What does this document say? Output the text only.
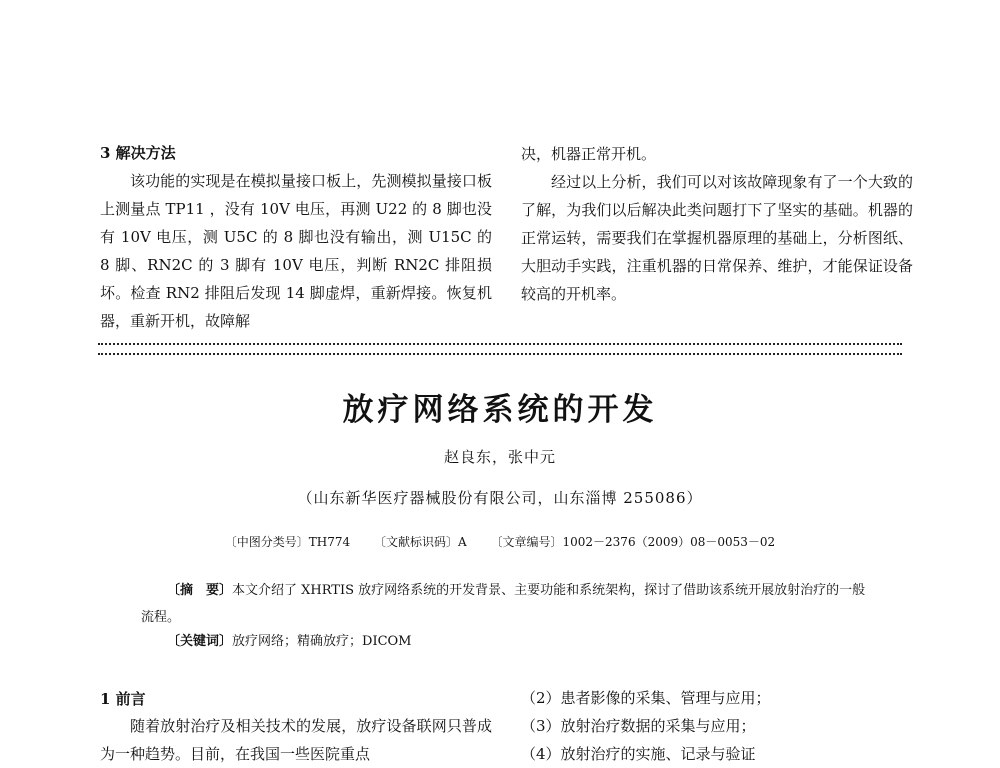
3 解决方法

该功能的实现是在模拟量接口板上，先测模拟量接口板上测量点 TP11 ，没有 10V 电压，再测 U22 的 8 脚也没有 10V 电压，测 U5C 的 8 脚也没有输出，测 U15C 的 8 脚、RN2C 的 3 脚有 10V 电压，判断 RN2C 排阻损坏。检查 RN2 排阻后发现 14 脚虚焊，重新焊接。恢复机器，重新开机，故障解

决，机器正常开机。

经过以上分析，我们可以对该故障现象有了一个大致的了解，为我们以后解决此类问题打下了坚实的基础。机器的正常运转，需要我们在掌握机器原理的基础上，分析图纸、大胆动手实践，注重机器的日常保养、维护，才能保证设备较高的开机率。

放疗网络系统的开发
赵良东，张中元
（山东新华医疗器械股份有限公司，山东淄博 255086）
〔中图分类号〕TH774 〔文献标识码〕A 〔文章编号〕1002－2376（2009）08－0053－02
〔摘　要〕本文介绍了 XHRTIS 放疗网络系统的开发背景、主要功能和系统架构，探讨了借助该系统开展放射治疗的一般流程。
〔关键词〕放疗网络；精确放疗；DICOM
1 前言

随着放射治疗及相关技术的发展，放疗设备联网只普成为一种趋势。目前，在我国一些医院重点

（2）患者影像的采集、管理与应用；
（3）放射治疗数据的采集与应用；
（4）放射治疗的实施、记录与验证
